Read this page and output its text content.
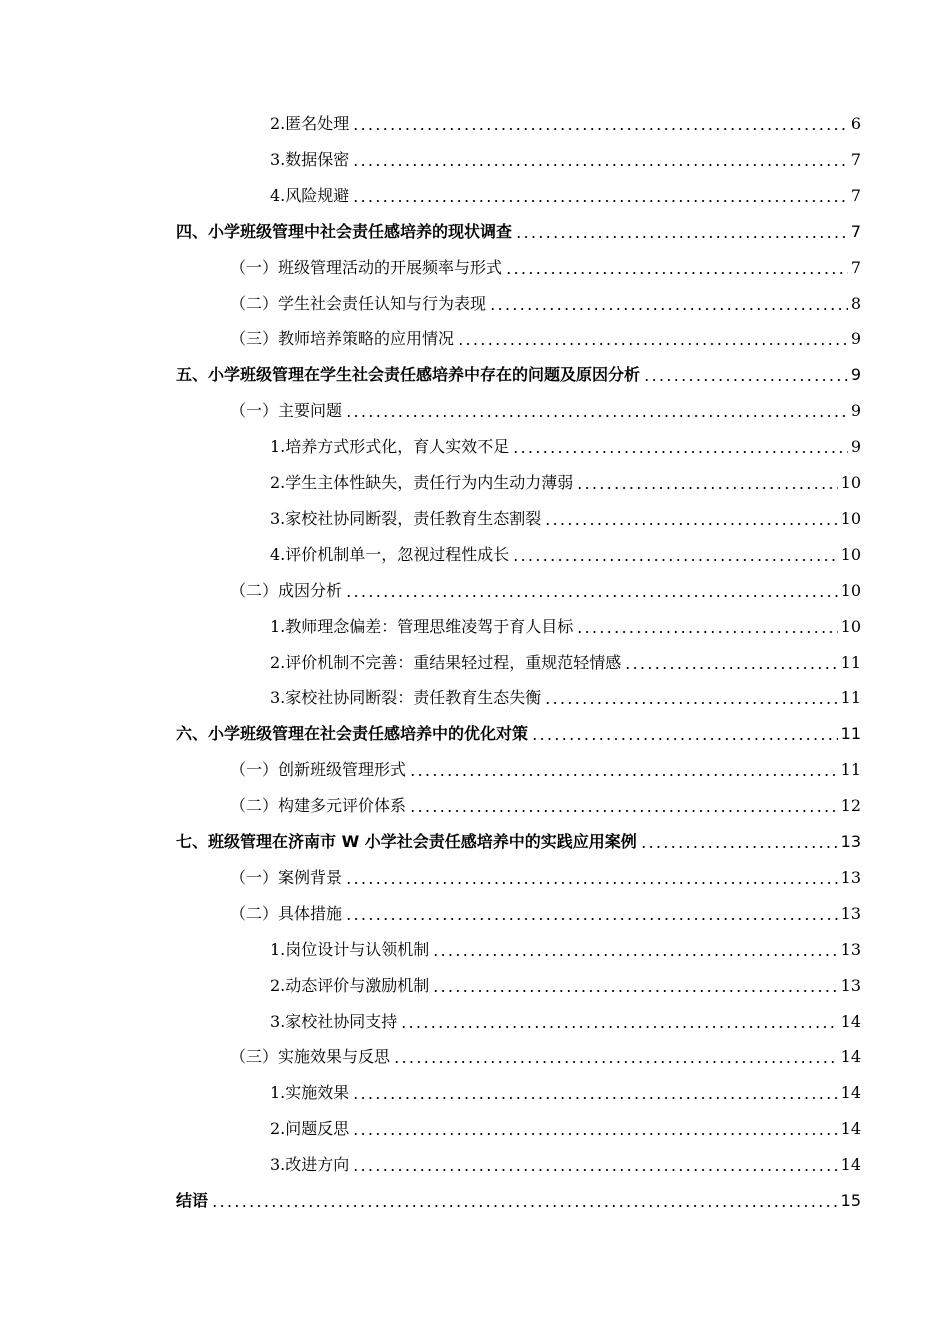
2.匿名处理	6
3.数据保密	7
4.风险规避	7
四、小学班级管理中社会责任感培养的现状调查	7
（一）班级管理活动的开展频率与形式	7
（二）学生社会责任认知与行为表现	8
（三）教师培养策略的应用情况	9
五、小学班级管理在学生社会责任感培养中存在的问题及原因分析	9
（一）主要问题	9
1.培养方式形式化，育人实效不足	9
2.学生主体性缺失，责任行为内生动力薄弱	10
3.家校社协同断裂，责任教育生态割裂	10
4.评价机制单一，忽视过程性成长	10
（二）成因分析	10
1.教师理念偏差：管理思维凌驾于育人目标	10
2.评价机制不完善：重结果轻过程，重规范轻情感	11
3.家校社协同断裂：责任教育生态失衡	11
六、小学班级管理在社会责任感培养中的优化对策	11
（一）创新班级管理形式	11
（二）构建多元评价体系	12
七、班级管理在济南市 W 小学社会责任感培养中的实践应用案例	13
（一）案例背景	13
（二）具体措施	13
1.岗位设计与认领机制	13
2.动态评价与激励机制	13
3.家校社协同支持	14
（三）实施效果与反思	14
1.实施效果	14
2.问题反思	14
3.改进方向	14
结语	15
